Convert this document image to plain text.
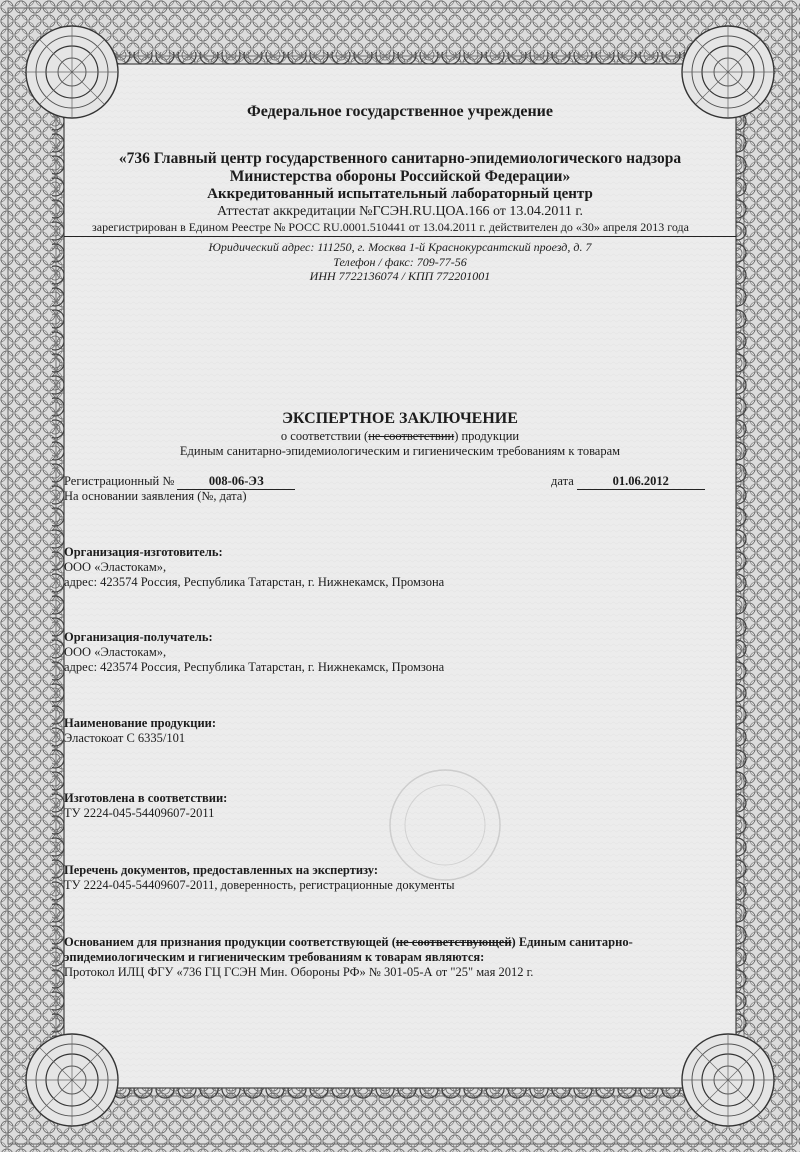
Федеральное государственное учреждение
«736 Главный центр государственного санитарно-эпидемиологического надзора
Министерства обороны Российской Федерации»
Аккредитованный испытательный лабораторный центр
Аттестат аккредитации №ГСЭН.RU.ЦОА.166 от 13.04.2011 г.
зарегистрирован в Едином Реестре № РОСС RU.0001.510441 от 13.04.2011 г. действителен до «30» апреля 2013 года
Юридический адрес: 111250, г. Москва 1-й Краснокурсантский проезд, д. 7
Телефон / факс: 709-77-56
ИНН 7722136074 / КПП 772201001
ЭКСПЕРТНОЕ ЗАКЛЮЧЕНИЕ
о соответствии (не соответствии) продукции
Единым санитарно-эпидемиологическим и гигиеническим требованиям к товарам
Регистрационный №	008-06-ЭЗ	дата	01.06.2012
На основании заявления (№, дата)
Организация-изготовитель:
ООО «Эластокам»,
адрес: 423574 Россия, Республика Татарстан, г. Нижнекамск, Промзона
Организация-получатель:
ООО «Эластокам»,
адрес: 423574 Россия, Республика Татарстан, г. Нижнекамск, Промзона
Наименование продукции:
Эластокоат С 6335/101
Изготовлена в соответствии:
ТУ 2224-045-54409607-2011
Перечень документов, предоставленных на экспертизу:
ТУ 2224-045-54409607-2011, доверенность, регистрационные документы
Основанием для признания продукции соответствующей (не соответствующей) Единым санитарно-
эпидемиологическим и гигиеническим требованиям к товарам являются:
Протокол ИЛЦ ФГУ «736 ГЦ ГСЭН Мин. Обороны РФ» № 301-05-А от "25" мая 2012 г.
